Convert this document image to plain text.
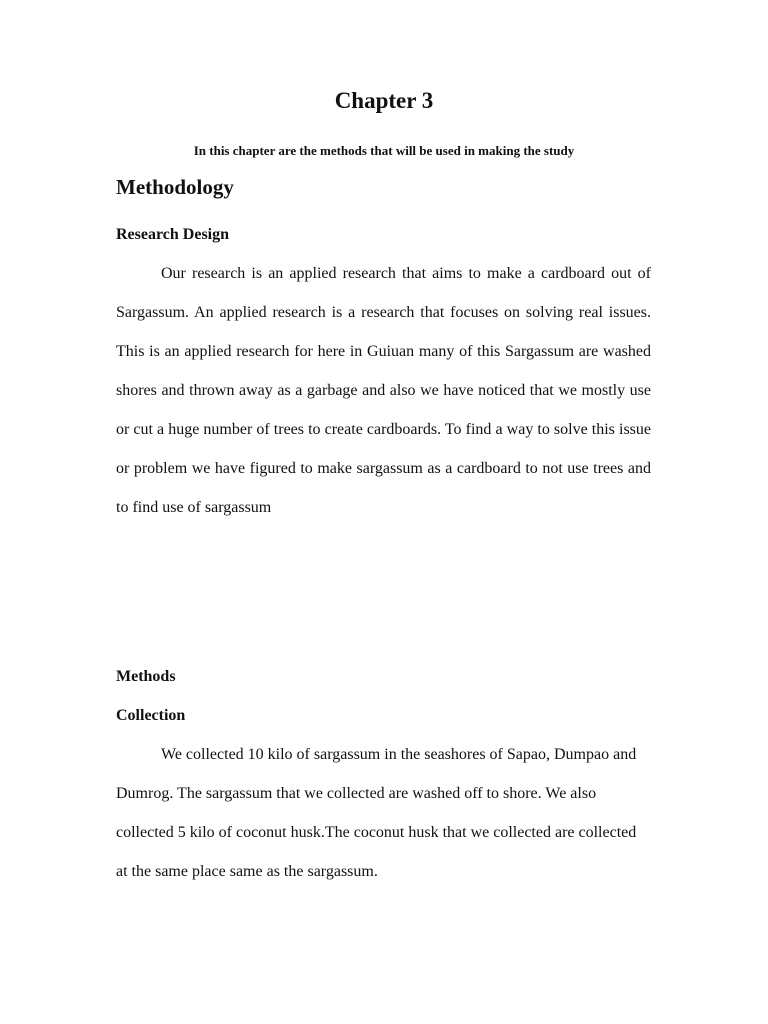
Chapter 3

In this chapter are the methods that will be used in making the study

Methodology
Research Design

Our research is an applied research that aims to make a cardboard out of Sargassum. An applied research is a research that focuses on solving real issues. This is an applied research for here in Guiuan many of this Sargassum are washed shores and thrown away as a garbage and also we have noticed that we mostly use or cut a huge number of trees to create cardboards. To find a way to solve this issue or problem we have figured to make sargassum as a cardboard to not use trees and to find use of sargassum

Methods
Collection

We collected 10 kilo of sargassum in the seashores of Sapao, Dumpao and Dumrog. The sargassum that we collected are washed off to shore. We also collected 5 kilo of coconut husk.The coconut husk that we collected are collected at the same place same as the sargassum.
